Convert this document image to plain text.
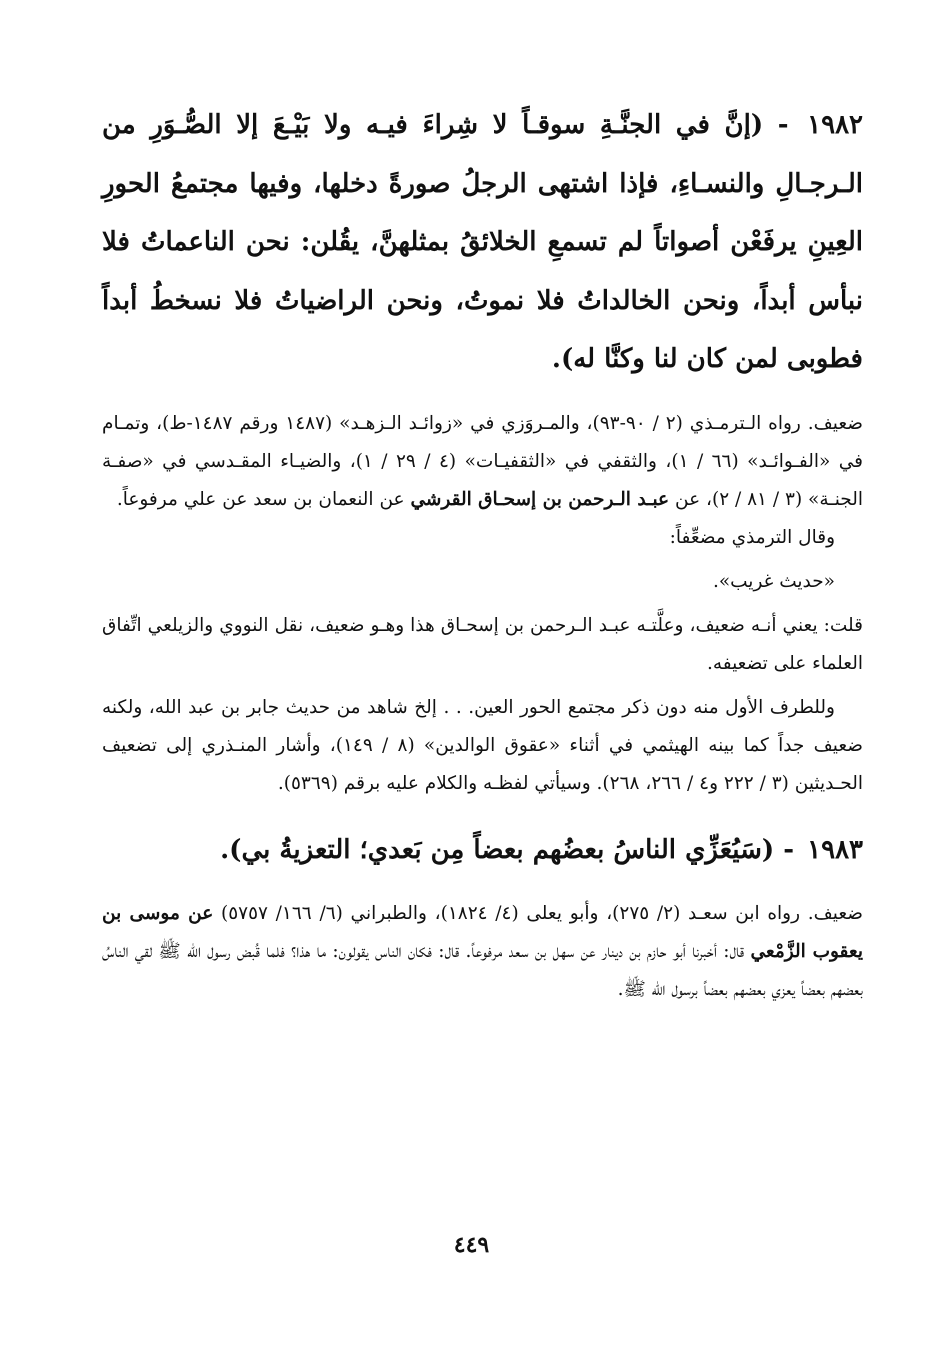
١٩٨٢ - (إنَّ في الجنَّـةِ سوقـاً لا شِراءَ فيـه ولا بَيْـعَ إلا الصُّـوَرِ من الـرجـالِ والنسـاءِ، فإذا اشتهى الرجلُ صورةً دخلها، وفيها مجتمعُ الحورِ العِينِ يرفَعْن أصواتاً لم تسمعِ الخلائقُ بمثلهنَّ، يقُلن: نحن الناعماتُ فلا نبأس أبداً، ونحن الخالداتُ فلا نموتُ، ونحن الراضياتُ فلا نسخطُ أبداً فطوبى لمن كان لنا وكنَّا له).

ضعيف. رواه الـترمـذي (٢ / ٩٠-٩٣)، والمـروَزي في «زوائـد الـزهـد» (١٤٨٧ ورقم ١٤٨٧-ط)، وتمـام في «الفـوائـد» (٦٦ / ١)، والثقفي في «الثقفيـات» (٤ / ٢٩ / ١)، والضيـاء المقـدسي في «صفـة الجنـة» (٣ / ٨١ / ٢)، عن عبـد الـرحمن بن إسحـاق القرشي عن النعمان بن سعد عن علي مرفوعاً.

وقال الترمذي مضعِّفاً:

«حديث غريب».

قلت: يعني أنـه ضعيف، وعلَّتـه عبـد الـرحمن بن إسحـاق هذا وهـو ضعيف، نقل النووي والزيلعي اتِّفاق العلماء على تضعيفه.

وللطرف الأول منه دون ذكر مجتمع الحور العين. . . إلخ شاهد من حديث جابر بن عبد الله، ولكنه ضعيف جداً كما بينه الهيثمي في أثناء «عقوق الوالدين» (٨ / ١٤٩)، وأشار المنـذري إلى تضعيف الحـديثين (٣ / ٢٢٢ و٤ / ٢٦٦، ٢٦٨). وسيأتي لفظـه والكلام عليه برقم (٥٣٦٩).

١٩٨٣ - (سَيُعَزِّي الناسُ بعضُهم بعضاً مِن بَعدي؛ التعزيةُ بي).

ضعيف. رواه ابن سعـد (٢/ ٢٧٥)، وأبو يعلى (٤/ ١٨٢٤)، والطبراني (٦/ ١٦٦/ ٥٧٥٧) عن موسى بن يعقوب الزَّمْعي قال: أخبرنا أبو حازم بن دينار عن سهل بن سعد مرفوعاً. قال: فكان الناس يقولون: ما هذا؟ فلما قُبض رسول الله ﷺ لقي الناسُ بعضهم بعضاً يعزي بعضهم بعضاً برسول الله ﷺ.

٤٤٩
